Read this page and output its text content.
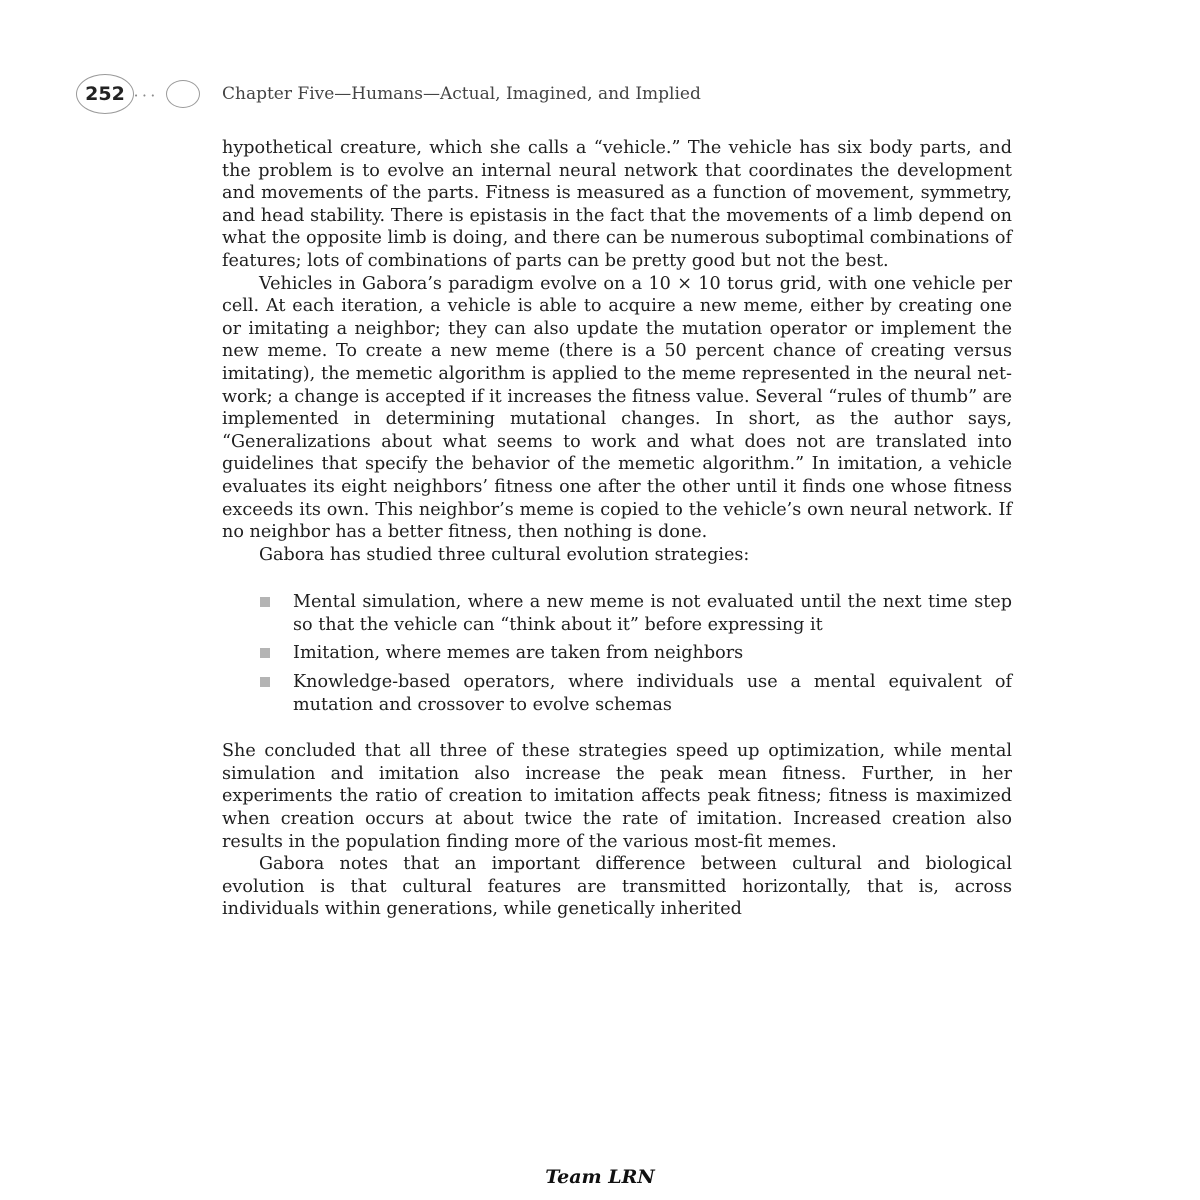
252	• • •	Chapter Five—Humans—Actual, Imagined, and Implied

hypothetical creature, which she calls a “vehicle.” The vehicle has six body parts, and the problem is to evolve an internal neural network that coordinates the development and movements of the parts. Fitness is measured as a function of movement, symmetry, and head stability. There is epistasis in the fact that the movements of a limb depend on what the opposite limb is doing, and there can be numerous suboptimal combinations of features; lots of combinations of parts can be pretty good but not the best.

Vehicles in Gabora’s paradigm evolve on a 10 × 10 torus grid, with one vehicle per cell. At each iteration, a vehicle is able to acquire a new meme, either by creating one or imitating a neighbor; they can also update the mutation operator or implement the new meme. To create a new meme (there is a 50 percent chance of creating versus imitating), the memetic algorithm is applied to the meme represented in the neural network; a change is accepted if it increases the fitness value. Several “rules of thumb” are implemented in determining mutational changes. In short, as the author says, “Generalizations about what seems to work and what does not are translated into guidelines that specify the behavior of the memetic algorithm.” In imitation, a vehicle evaluates its eight neighbors’ fitness one after the other until it finds one whose fitness exceeds its own. This neighbor’s meme is copied to the vehicle’s own neural network. If no neighbor has a better fitness, then nothing is done.

Gabora has studied three cultural evolution strategies:

Mental simulation, where a new meme is not evaluated until the next time step so that the vehicle can “think about it” before expressing it
Imitation, where memes are taken from neighbors
Knowledge-based operators, where individuals use a mental equivalent of mutation and crossover to evolve schemas

She concluded that all three of these strategies speed up optimization, while mental simulation and imitation also increase the peak mean fitness. Further, in her experiments the ratio of creation to imitation affects peak fitness; fitness is maximized when creation occurs at about twice the rate of imitation. Increased creation also results in the population finding more of the various most-fit memes.

Gabora notes that an important difference between cultural and biological evolution is that cultural features are transmitted horizontally, that is, across individuals within generations, while genetically inherited

Team LRN
